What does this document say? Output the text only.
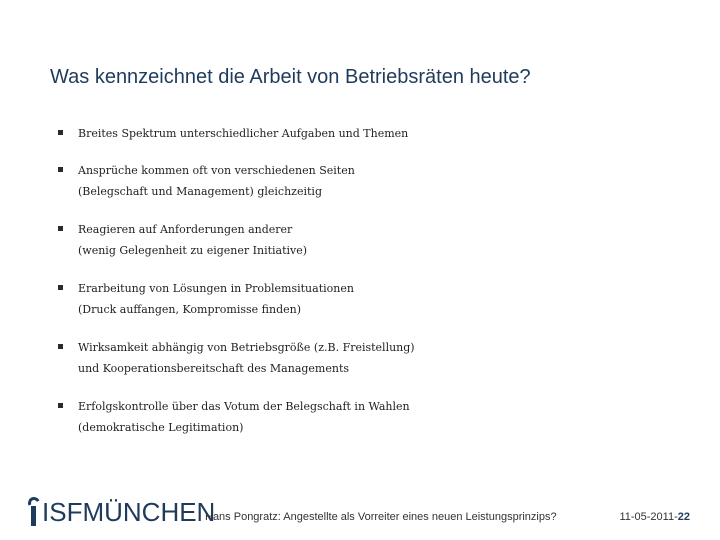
Was kennzeichnet die Arbeit von Betriebsräten heute?
Breites Spektrum unterschiedlicher Aufgaben und Themen
Ansprüche kommen oft von verschiedenen Seiten
(Belegschaft und Management) gleichzeitig
Reagieren auf Anforderungen anderer
(wenig Gelegenheit zu eigener Initiative)
Erarbeitung von Lösungen in Problemsituationen
(Druck auffangen, Kompromisse finden)
Wirksamkeit abhängig von Betriebsgröße (z.B. Freistellung)
und Kooperationsbereitschaft des Managements
Erfolgskontrolle über das Votum der Belegschaft in Wahlen
(demokratische Legitimation)
ISFMÜNCHEN
Hans Pongratz: Angestellte als Vorreiter eines neuen Leistungsprinzips?	11-05-2011-22
